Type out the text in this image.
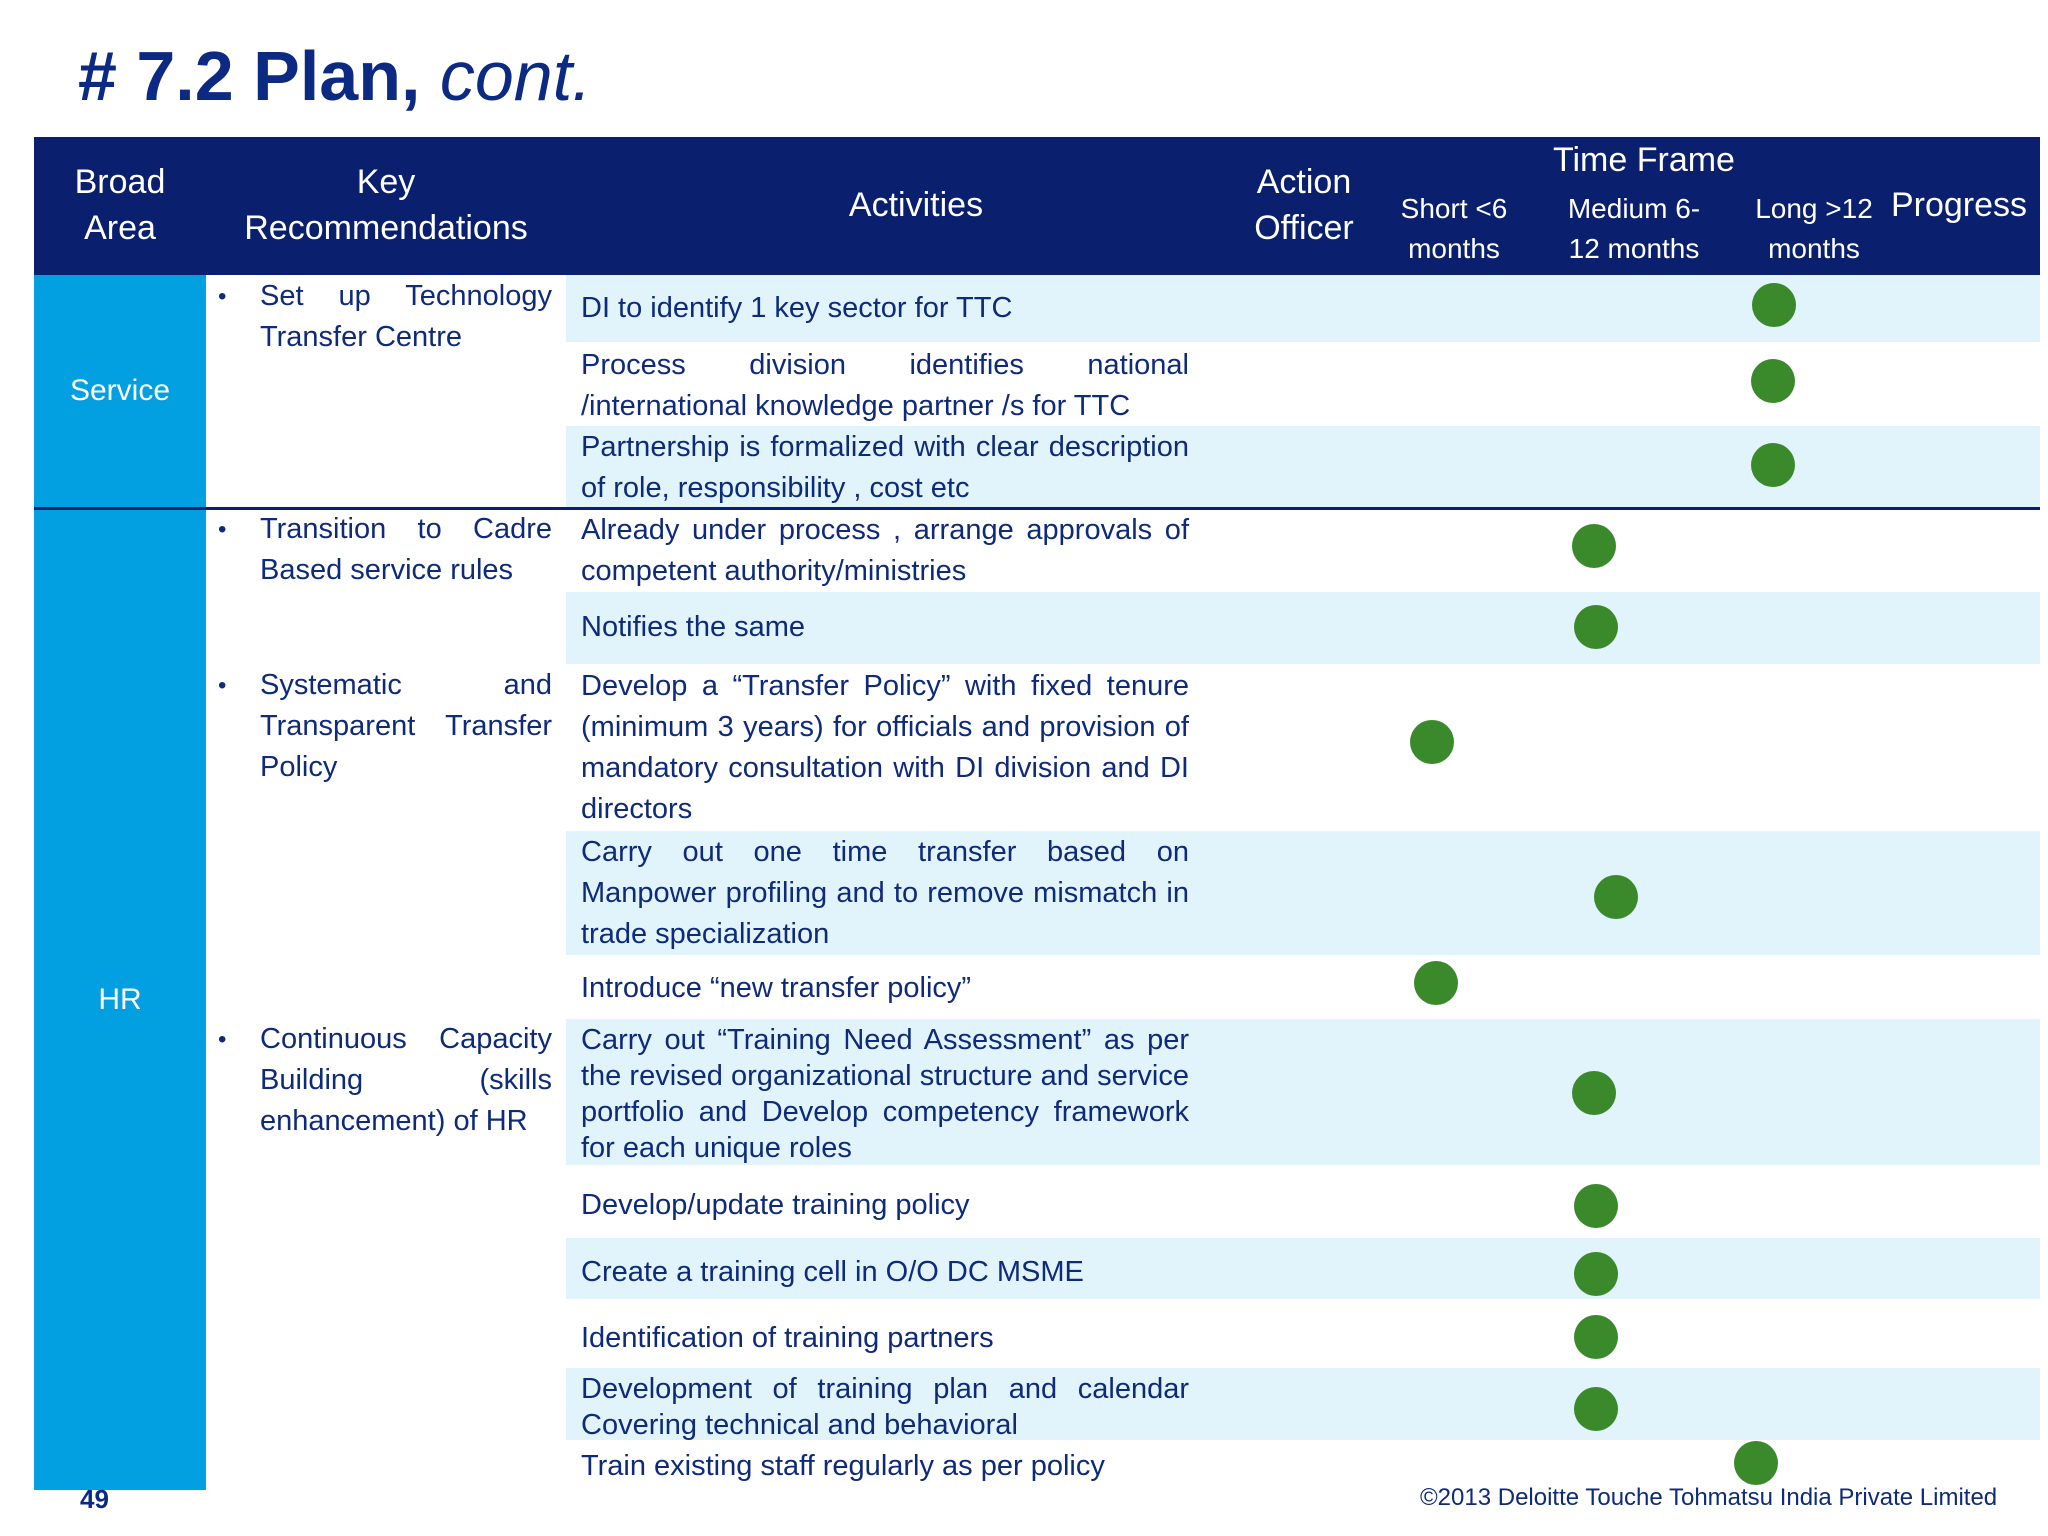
# 7.2 Plan, cont.
Broad
Area
Key
Recommendations
Activities
Action
Officer
Time Frame
Short <6
months
Medium 6-
12 months
Long >12
months
Progress
Service
HR
• Set up Technology Transfer Centre
• Transition to Cadre Based service rules
• Systematic and Transparent Transfer Policy
• Continuous Capacity Building (skills enhancement) of HR
DI to identify 1 key sector for TTC
Process division identifies national /international knowledge partner /s for TTC
Partnership is formalized with clear description of role, responsibility , cost etc
Already under process , arrange approvals of competent authority/ministries
Notifies the same
Develop a “Transfer Policy” with fixed tenure (minimum 3 years) for officials and provision of mandatory consultation with DI division and DI directors
Carry out one time transfer based on Manpower profiling and to remove mismatch in trade specialization
Introduce “new transfer policy”
Carry out “Training Need Assessment” as per the revised organizational structure and service portfolio and Develop competency framework for each unique roles
Develop/update training policy
Create a training cell in O/O DC MSME
Identification of training partners
Development of training plan and calendar Covering technical and behavioral
Train existing staff regularly as per policy
49	©2013 Deloitte Touche Tohmatsu India Private Limited
